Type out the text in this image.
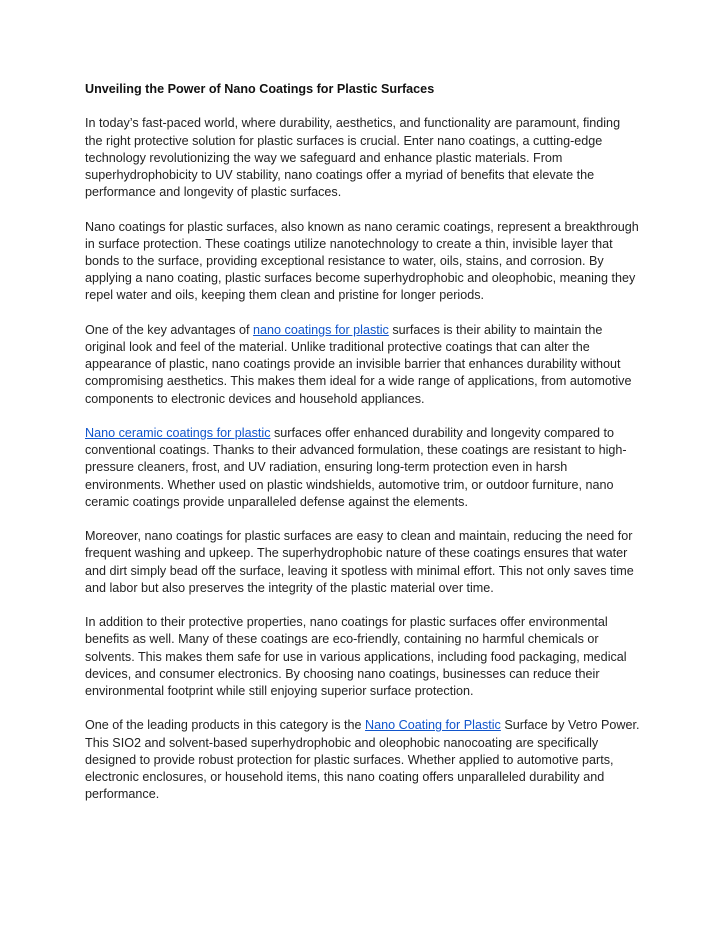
Unveiling the Power of Nano Coatings for Plastic Surfaces

In today’s fast-paced world, where durability, aesthetics, and functionality are paramount, finding the right protective solution for plastic surfaces is crucial. Enter nano coatings, a cutting-edge technology revolutionizing the way we safeguard and enhance plastic materials. From superhydrophobicity to UV stability, nano coatings offer a myriad of benefits that elevate the performance and longevity of plastic surfaces.

Nano coatings for plastic surfaces, also known as nano ceramic coatings, represent a breakthrough in surface protection. These coatings utilize nanotechnology to create a thin, invisible layer that bonds to the surface, providing exceptional resistance to water, oils, stains, and corrosion. By applying a nano coating, plastic surfaces become superhydrophobic and oleophobic, meaning they repel water and oils, keeping them clean and pristine for longer periods.

One of the key advantages of nano coatings for plastic surfaces is their ability to maintain the original look and feel of the material. Unlike traditional protective coatings that can alter the appearance of plastic, nano coatings provide an invisible barrier that enhances durability without compromising aesthetics. This makes them ideal for a wide range of applications, from automotive components to electronic devices and household appliances.

Nano ceramic coatings for plastic surfaces offer enhanced durability and longevity compared to conventional coatings. Thanks to their advanced formulation, these coatings are resistant to high-pressure cleaners, frost, and UV radiation, ensuring long-term protection even in harsh environments. Whether used on plastic windshields, automotive trim, or outdoor furniture, nano ceramic coatings provide unparalleled defense against the elements.

Moreover, nano coatings for plastic surfaces are easy to clean and maintain, reducing the need for frequent washing and upkeep. The superhydrophobic nature of these coatings ensures that water and dirt simply bead off the surface, leaving it spotless with minimal effort. This not only saves time and labor but also preserves the integrity of the plastic material over time.

In addition to their protective properties, nano coatings for plastic surfaces offer environmental benefits as well. Many of these coatings are eco-friendly, containing no harmful chemicals or solvents. This makes them safe for use in various applications, including food packaging, medical devices, and consumer electronics. By choosing nano coatings, businesses can reduce their environmental footprint while still enjoying superior surface protection.

One of the leading products in this category is the Nano Coating for Plastic Surface by Vetro Power. This SIO2 and solvent-based superhydrophobic and oleophobic nanocoating are specifically designed to provide robust protection for plastic surfaces. Whether applied to automotive parts, electronic enclosures, or household items, this nano coating offers unparalleled durability and performance.
